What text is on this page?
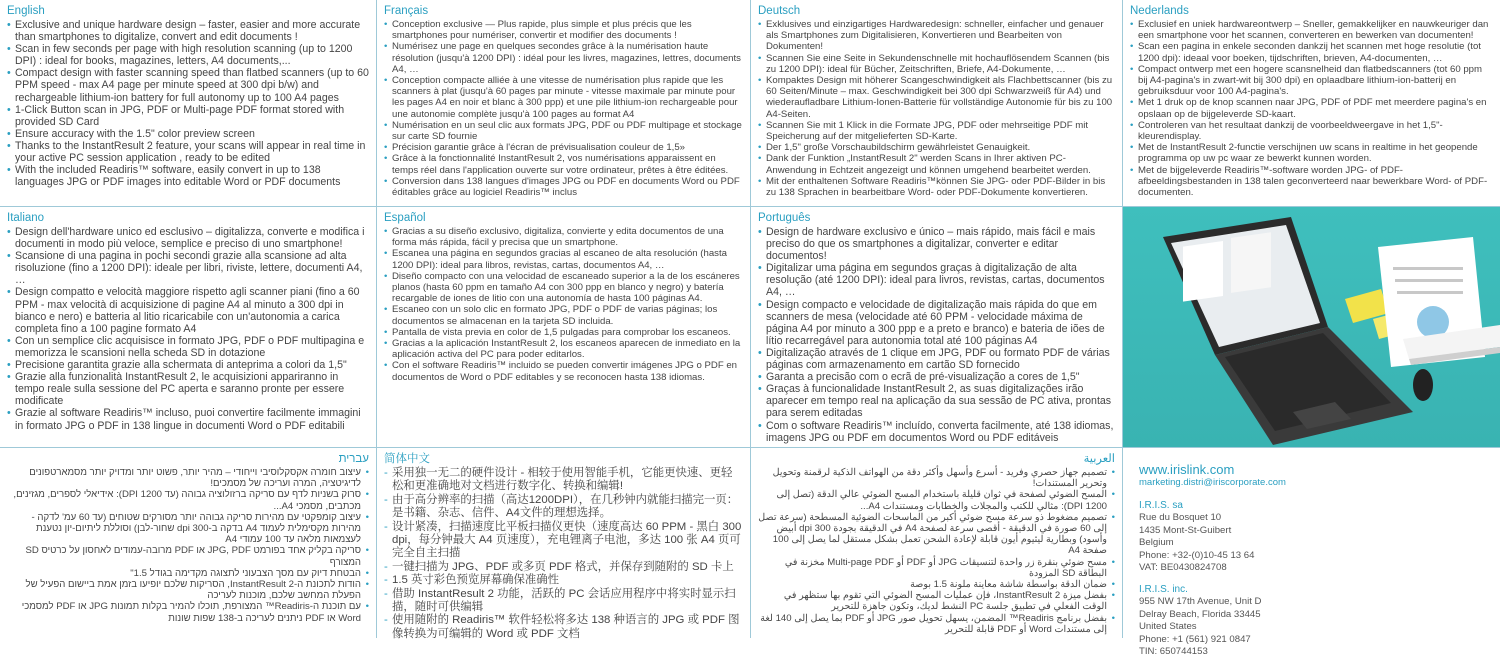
English
• Exclusive and unique hardware design – faster, easier and more accurate than smartphones to digitalize, convert and edit documents !
• Scan in few seconds per page with high resolution scanning (up to 1200 DPI) : ideal for books, magazines, letters, A4 documents,...
• Compact design with faster scanning speed than flatbed scanners (up to 60 PPM speed - max A4 page per minute speed at 300 dpi b/w) and rechargeable lithium-ion battery for full autonomy up to 100 A4 pages
• 1-Click Button scan in JPG, PDF or Multi-page PDF format stored with provided SD Card
• Ensure accuracy with the 1.5" color preview screen
• Thanks to the InstantResult 2 feature, your scans will appear in real time in your active PC session application , ready to be edited
• With the included Readiris™ software, easily convert in up to 138 languages JPG or PDF images into editable Word or PDF documents
Français
• Conception exclusive — Plus rapide, plus simple et plus précis que les smartphones pour numériser, convertir et modifier des documents !
• Numérisez une page en quelques secondes grâce à la numérisation haute résolution (jusqu'à 1200 DPI) : idéal pour les livres, magazines, lettres, documents A4, …
• Conception compacte alliée à une vitesse de numérisation plus rapide que les scanners à plat (jusqu'à 60 pages par minute - vitesse maximale par minute pour les pages A4 en noir et blanc à 300 ppp) et une pile lithium-ion rechargeable pour une autonomie complète jusqu'à 100 pages au format A4
• Numérisation en un seul clic aux formats JPG, PDF ou PDF multipage et stockage sur carte SD fournie
• Précision garantie grâce à l'écran de prévisualisation couleur de 1,5»
• Grâce à la fonctionnalité InstantResult 2, vos numérisations apparaissent en temps réel dans l'application ouverte sur votre ordinateur, prêtes à être éditées.
• Conversion dans 138 langues d'images JPG ou PDF en documents Word ou PDF éditables grâce au logiciel Readiris™ inclus
Deutsch
• Exklusives und einzigartiges Hardwaredesign: schneller, einfacher und genauer als Smartphones zum Digitalisieren, Konvertieren und Bearbeiten von Dokumenten!
• Scannen Sie eine Seite in Sekundenschnelle mit hochauflösendem Scannen (bis zu 1200 DPI): ideal für Bücher, Zeitschriften, Briefe, A4-Dokumente, …
• Kompaktes Design mit höherer Scangeschwindigkeit als Flachbettscanner (bis zu 60 Seiten/Minute – max. Geschwindigkeit bei 300 dpi Schwarzweiß für A4) und wiederaufladbare Lithium-Ionen-Batterie für vollständige Autonomie für bis zu 100 A4-Seiten.
• Scannen Sie mit 1 Klick in die Formate JPG, PDF oder mehrseitige PDF mit Speicherung auf der mitgelieferten SD-Karte.
• Der 1,5" große Vorschaubildschirm gewährleistet Genauigkeit.
• Dank der Funktion „InstantResult 2" werden Scans in Ihrer aktiven PC-Anwendung in Echtzeit angezeigt und können umgehend bearbeitet werden.
• Mit der enthaltenen Software Readiris™können Sie JPG- oder PDF-Bilder in bis zu 138 Sprachen in bearbeitbare Word- oder PDF-Dokumente konvertieren.
Nederlands
• Exclusief en uniek hardwareontwerp – Sneller, gemakkelijker en nauwkeuriger dan een smartphone voor het scannen, converteren en bewerken van documenten!
• Scan een pagina in enkele seconden dankzij het scannen met hoge resolutie (tot 1200 dpi): ideaal voor boeken, tijdschriften, brieven, A4-documenten, …
• Compact ontwerp met een hogere scansnelheid dan flatbedscanners (tot 60 ppm bij A4-pagina's in zwart-wit bij 300 dpi) en oplaadbare lithium-ion-batterij en gebruiksduur voor 100 A4-pagina's.
• Met 1 druk op de knop scannen naar JPG, PDF of PDF met meerdere pagina's en opslaan op de bijgeleverde SD-kaart.
• Controleren van het resultaat dankzij de voorbeeldweergave in het 1,5"-kleurendisplay.
• Met de InstantResult 2-functie verschijnen uw scans in realtime in het geopende programma op uw pc waar ze bewerkt kunnen worden.
• Met de bijgeleverde Readiris™-software worden JPG- of PDF-afbeeldingsbestanden in 138 talen geconverteerd naar bewerkbare Word- of PDF-documenten.
Italiano
• Design dell'hardware unico ed esclusivo – digitalizza, converte e modifica i documenti in modo più veloce, semplice e preciso di uno smartphone!
• Scansione di una pagina in pochi secondi grazie alla scansione ad alta risoluzione (fino a 1200 DPI): ideale per libri, riviste, lettere, documenti A4, …
• Design compatto e velocità maggiore rispetto agli scanner piani (fino a 60 PPM - max velocità di acquisizione di pagine A4 al minuto a 300 dpi in bianco e nero) e batteria al litio ricaricabile con un'autonomia a carica completa fino a 100 pagine formato A4
• Con un semplice clic acquisisce in formato JPG, PDF o PDF multipagina e memorizza le scansioni nella scheda SD in dotazione
• Precisione garantita grazie alla schermata di anteprima a colori da 1,5"
• Grazie alla funzionalità InstantResult 2, le acquisizioni appariranno in tempo reale sulla sessione del PC aperta e saranno pronte per essere modificate
• Grazie al software Readiris™ incluso, puoi convertire facilmente immagini in formato JPG o PDF in 138 lingue in documenti Word o PDF editabili
Español
• Gracias a su diseño exclusivo, digitaliza, convierte y edita documentos de una forma más rápida, fácil y precisa que un smartphone.
• Escanea una página en segundos gracias al escaneo de alta resolución (hasta 1200 DPI): ideal para libros, revistas, cartas, documentos A4, …
• Diseño compacto con una velocidad de escaneado superior a la de los escáneres planos (hasta 60 ppm en tamaño A4 con 300 ppp en blanco y negro) y batería recargable de iones de litio con una autonomía de hasta 100 páginas A4.
• Escaneo con un solo clic en formato JPG, PDF o PDF de varias páginas; los documentos se almacenan en la tarjeta SD incluida.
• Pantalla de vista previa en color de 1,5 pulgadas para comprobar los escaneos.
• Gracias a la aplicación InstantResult 2, los escaneos aparecen de inmediato en la aplicación activa del PC para poder editarlos.
• Con el software Readiris™ incluido se pueden convertir imágenes JPG o PDF en documentos de Word o PDF editables y se reconocen hasta 138 idiomas.
Português
• Design de hardware exclusivo e único – mais rápido, mais fácil e mais preciso do que os smartphones a digitalizar, converter e editar documentos!
• Digitalizar uma página em segundos graças à digitalização de alta resolução (até 1200 DPI): ideal para livros, revistas, cartas, documentos A4, …
• Design compacto e velocidade de digitalização mais rápida do que em scanners de mesa (velocidade até 60 PPM - velocidade máxima de página A4 por minuto a 300 ppp e a preto e branco) e bateria de iões de lítio recarregável para autonomia total até 100 páginas A4
• Digitalização através de 1 clique em JPG, PDF ou formato PDF de várias páginas com armazenamento em cartão SD fornecido
• Garanta a precisão com o ecrã de pré-visualização a cores de 1,5"
• Graças à funcionalidade InstantResult 2, as suas digitalizações irão aparecer em tempo real na aplicação da sua sessão de PC ativa, prontas para serem editadas
• Com o software Readiris™ incluído, converta facilmente, até 138 idiomas, imagens JPG ou PDF em documentos Word ou PDF editáveis
עברית
• עיצוב חומרה אקסקלוסיבי וייחודי – מהיר יותר, פשוט יותר ומדויק יותר מסמארטפונים לדיגיטציה, המרה ועריכה של מסמכים!
• סרוק בשניות לדף עם סריקה ברזולוציה גבוהה (עד 1200 DPI): אידיאלי לספרים, מגזינים, מכתבים, מסמכי A4...
• עיצוב קומפקטי עם מהירות סריקה גבוהה יותר מסורקים שטוחים (עד 60 עמ' לדקה - מהירות מקסימלית לעמוד A4 בדקה ב-300 dpi שחור-לבן) וסוללת ליתיום-יון נטענת לעצמאות מלאה עד 100 עמודי A4
• סריקה בקליק אחד בפורמט JPG, PDF או PDF מרובה-עמודים לאחסון על כרטיס SD המצורף
• הבטחת דיוק עם מסך הצבעוני לתצוגה מקדימה בגודל 1.5"
• הודות לתכונת ה-InstantResult 2, הסריקות שלכם יופיעו בזמן אמת ביישום הפעיל של הפעלת המחשב שלכם, מוכנות לעריכה
• עם תוכנת ה-Readiris™ המצורפת, תוכלו להמיר בקלות תמונות JPG או PDF למסמכי Word או PDF ניתנים לעריכה ב-138 שפות שונות
简体中文
- 采用独一无二的硬件设计 - 相较于使用智能手机，它能更快速、更轻松和更准确地对文档进行数字化、转换和编辑!
- 由于高分辨率的扫描（高达1200DPI），在几秒钟内就能扫描完一页：是书籍、杂志、信件、A4文件的理想选择。
- 设计紧凑，扫描速度比平板扫描仪更快（速度高达 60 PPM - 黑白 300 dpi，每分钟最大 A4 页速度），充电锂离子电池，多达 100 张 A4 页可完全自主扫描
- 一键扫描为 JPG、PDF 或多页 PDF 格式，并保存到随附的 SD 卡上
- 1.5 英寸彩色预览屏幕确保准确性
- 借助 InstantResult 2 功能，活跃的 PC 会话应用程序中将实时显示扫描，随时可供编辑
- 使用随附的 Readiris™ 软件轻松将多达 138 种语言的 JPG 或 PDF 图像转换为可编辑的 Word 或 PDF 文档
العربية
• تصميم جهاز حصري وفريد - أسرع وأسهل وأكثر دقة من الهواتف الذكية لرقمنة وتحويل وتحرير المستندات!
• المسح الضوئي لصفحة في ثوان قليلة باستخدام المسح الضوئي عالي الدقة (تصل إلى 1200 DPI): مثالي للكتب والمجلات والخطابات ومستندات A4...
• تصميم مضغوط ذو سرعة مسح ضوئي أكبر من الماسحات الضوئية المسطحة (سرعة تصل إلى 60 صورة في الدقيقة - أقصى سرعة لصفحة A4 في الدقيقة بجودة 300 dpi أبيض وأسود) وبطارية ليثيوم أيون قابلة لإعادة الشحن تعمل بشكل مستقل لما يصل إلى 100 صفحة A4
• مسح ضوئي بنقرة زر واحدة لتنسيقات JPG أو PDF أو Multi-page PDF مخزنة في البطاقة SD المزودة
• ضمان الدقة بواسطة شاشة معاينة ملونة 1.5 بوصة
• بفضل ميزة InstantResult 2، فإن عمليات المسح الضوئي التي تقوم بها ستظهر في الوقت الفعلي في تطبيق جلسة PC النشط لديك، وتكون جاهزة للتحرير
• بفضل برنامج Readiris™ المضمن، يسهل تحويل صور JPG أو PDF بما يصل إلى 140 لغة إلى مستندات Word أو PDF قابلة للتحرير
www.irislink.com
marketing.distri@iriscorporate.com
I.R.I.S. sa
Rue du Bosquet 10
1435 Mont-St-Guibert
Belgium
Phone: +32-(0)10-45 13 64
VAT: BE0430824708
I.R.I.S. inc.
955 NW 17th Avenue, Unit D
Delray Beach, Florida 33445
United States
Phone: +1 (561) 921 0847
TIN: 650744153
